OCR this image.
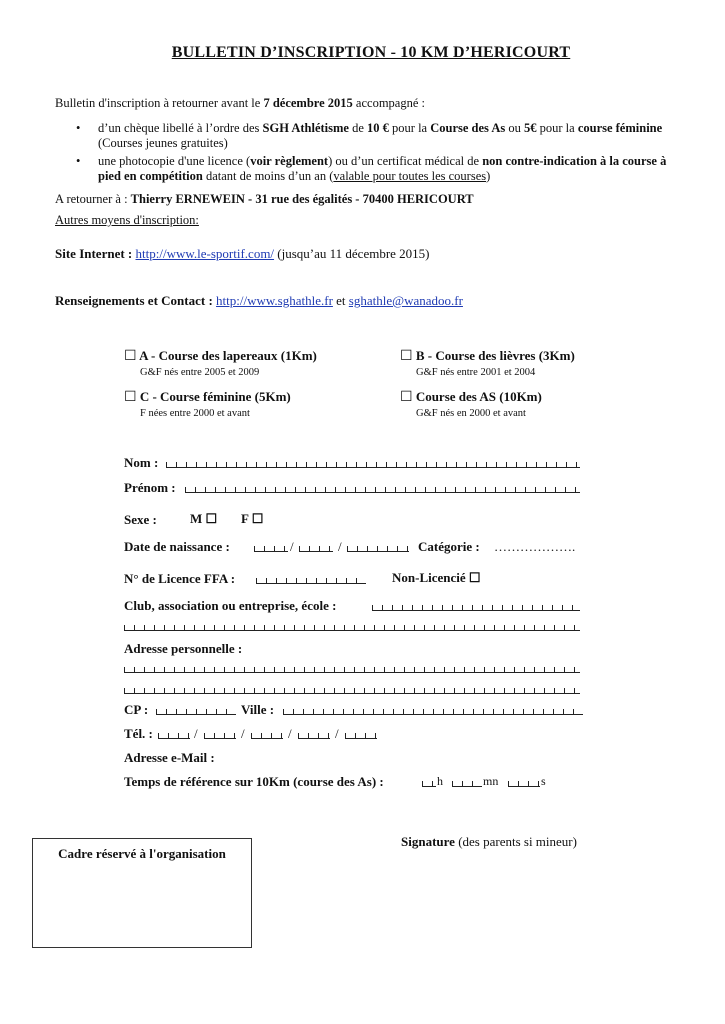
BULLETIN D’INSCRIPTION - 10 KM D’HERICOURT
Bulletin d'inscription à retourner avant le 7 décembre 2015 accompagné :
• d’un chèque libellé à l’ordre des SGH Athlétisme de 10 € pour la Course des As ou 5€ pour la course féminine (Courses jeunes gratuites)
• une photocopie d'une licence (voir règlement) ou d’un certificat médical de non contre-indication à la course à pied en compétition datant de moins d’un an (valable pour toutes les courses)
A retourner à : Thierry ERNEWEIN - 31 rue des égalités - 70400 HERICOURT
Autres moyens d'inscription:
Site Internet : http://www.le-sportif.com/ (jusqu’au 11 décembre 2015)
Renseignements et Contact : http://www.sghathle.fr et sghathle@wanadoo.fr
☐ A - Course des lapereaux (1Km)
G&F nés entre 2005 et 2009
☐ B - Course des lièvres (3Km)
G&F nés entre 2001 et 2004
☐ C - Course féminine (5Km)
F nées entre 2000 et avant
☐ Course des AS (10Km)
G&F nés en 2000 et avant
Nom :
Prénom :
Sexe :	M ☐ F ☐
Date de naissance :	/	/	Catégorie : ……………….
N° de Licence FFA :	Non-Licencié ☐
Club, association ou entreprise, école :
Adresse personnelle :
CP :	Ville :
Tél. :	/	/	/	/
Adresse e-Mail :
Temps de référence sur 10Km (course des As) :	h	mn	s
Cadre réservé à l'organisation
Signature (des parents si mineur)
